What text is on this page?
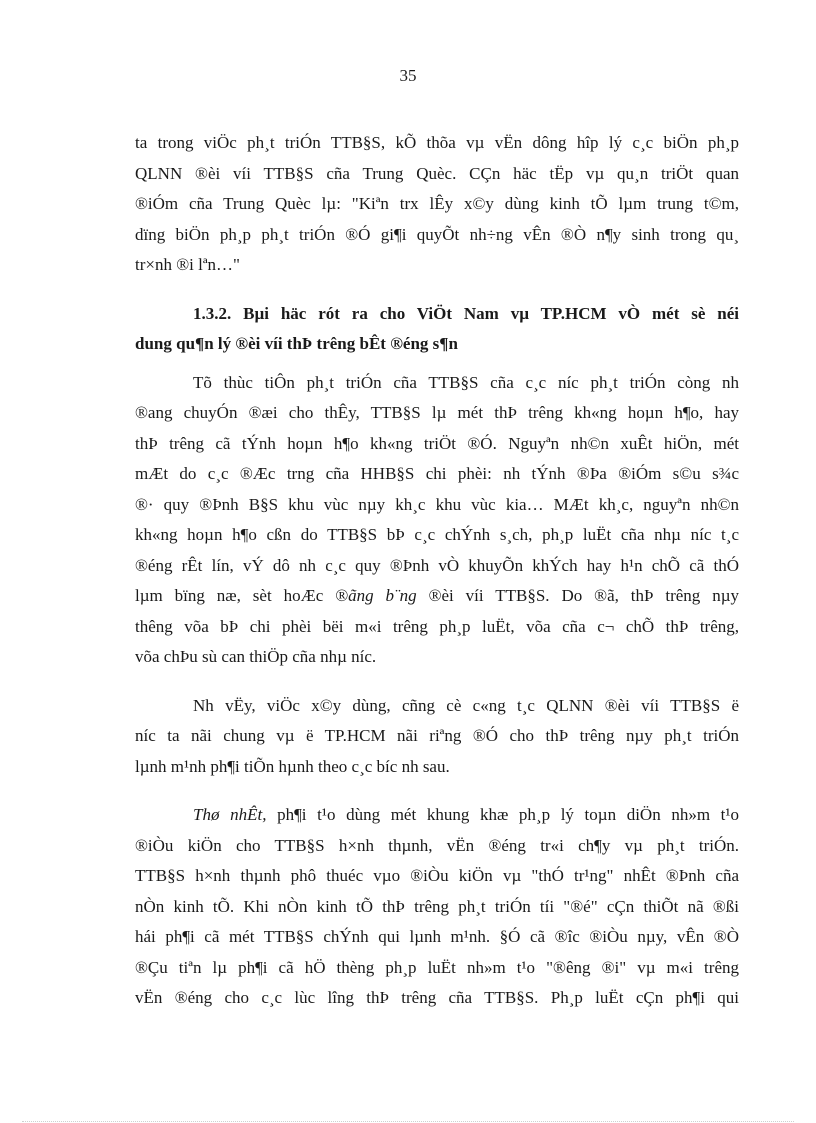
35
ta trong viÖc ph¸t triÓn TTB§S, kÕ thõa vµ vËn dông hîp lý c¸c biÖn ph¸p
QLNN ®èi víi TTB§S cña Trung Quèc. CÇn häc tËp vµ qu¸n triÖt quan
®iÓm cña Trung Quèc lµ: "Kiªn trx lÊy x©y dùng kinh tÕ lµm trung t©m,
dïng biÖn ph¸p ph¸t triÓn ®Ó gi¶i quyÕt nh÷ng vÊn ®Ò n¶y sinh trong qu¸
tr×nh ®i lªn…"
1.3.2. Bµi häc rót ra cho ViÖt Nam vµ TP.HCM vÒ mét sè néi
dung qu¶n lý ®èi víi thÞ trêng bÊt ®éng s¶n
Tõ thùc tiÔn ph¸t triÓn cña TTB§S cña c¸c níc ph¸t triÓn còng nh
®ang chuyÓn ®æi cho thÊy, TTB§S lµ mét thÞ trêng kh«ng hoµn h¶o, hay
thÞ trêng cã tÝnh hoµn h¶o kh«ng triÖt ®Ó. Nguyªn nh©n xuÊt hiÖn, mét
mÆt do c¸c ®Æc trng cña HHB§S chi phèi: nh tÝnh ®Þa ®iÓm s©u s¾c
®· quy ®Þnh B§S khu vùc nµy kh¸c khu vùc kia… MÆt kh¸c, nguyªn nh©n
kh«ng hoµn h¶o cßn do TTB§S bÞ c¸c chÝnh s¸ch, ph¸p luËt cña nhµ níc t¸c
®éng rÊt lín, vÝ dô nh c¸c quy ®Þnh vÒ khuyÕn khÝch hay h¹n chÕ cã thÓ
lµm bïng næ, sèt hoÆc ®ãng b¨ng ®èi víi TTB§S. Do ®ã, thÞ trêng nµy
thêng võa bÞ chi phèi bëi m«i trêng ph¸p luËt, võa cña c¬ chÕ thÞ trêng,
võa chÞu sù can thiÖp cña nhµ níc.
Nh vËy, viÖc x©y dùng, cñng cè c«ng t¸c QLNN ®èi víi TTB§S ë
níc ta nãi chung vµ ë TP.HCM nãi riªng ®Ó cho thÞ trêng nµy ph¸t triÓn
lµnh m¹nh ph¶i tiÕn hµnh theo c¸c bíc nh sau.
Thø nhÊt, ph¶i t¹o dùng mét khung khæ ph¸p lý toµn diÖn nh»m t¹o
®iÒu kiÖn cho TTB§S h×nh thµnh, vËn ®éng tr«i ch¶y vµ ph¸t triÓn.
TTB§S h×nh thµnh phô thuéc vµo ®iÒu kiÖn vµ "thÓ tr¹ng" nhÊt ®Þnh cña
nÒn kinh tÕ. Khi nÒn kinh tÕ thÞ trêng ph¸t triÓn tíi "®é" cÇn thiÕt nã ®ßi
hái ph¶i cã mét TTB§S chÝnh qui lµnh m¹nh. §Ó cã ®îc ®iÒu nµy, vÊn ®Ò
®Çu tiªn lµ ph¶i cã hÖ thèng ph¸p luËt nh»m t¹o "®êng ®i" vµ m«i trêng
vËn ®éng cho c¸c lùc lîng thÞ trêng cña TTB§S. Ph¸p luËt cÇn ph¶i qui
